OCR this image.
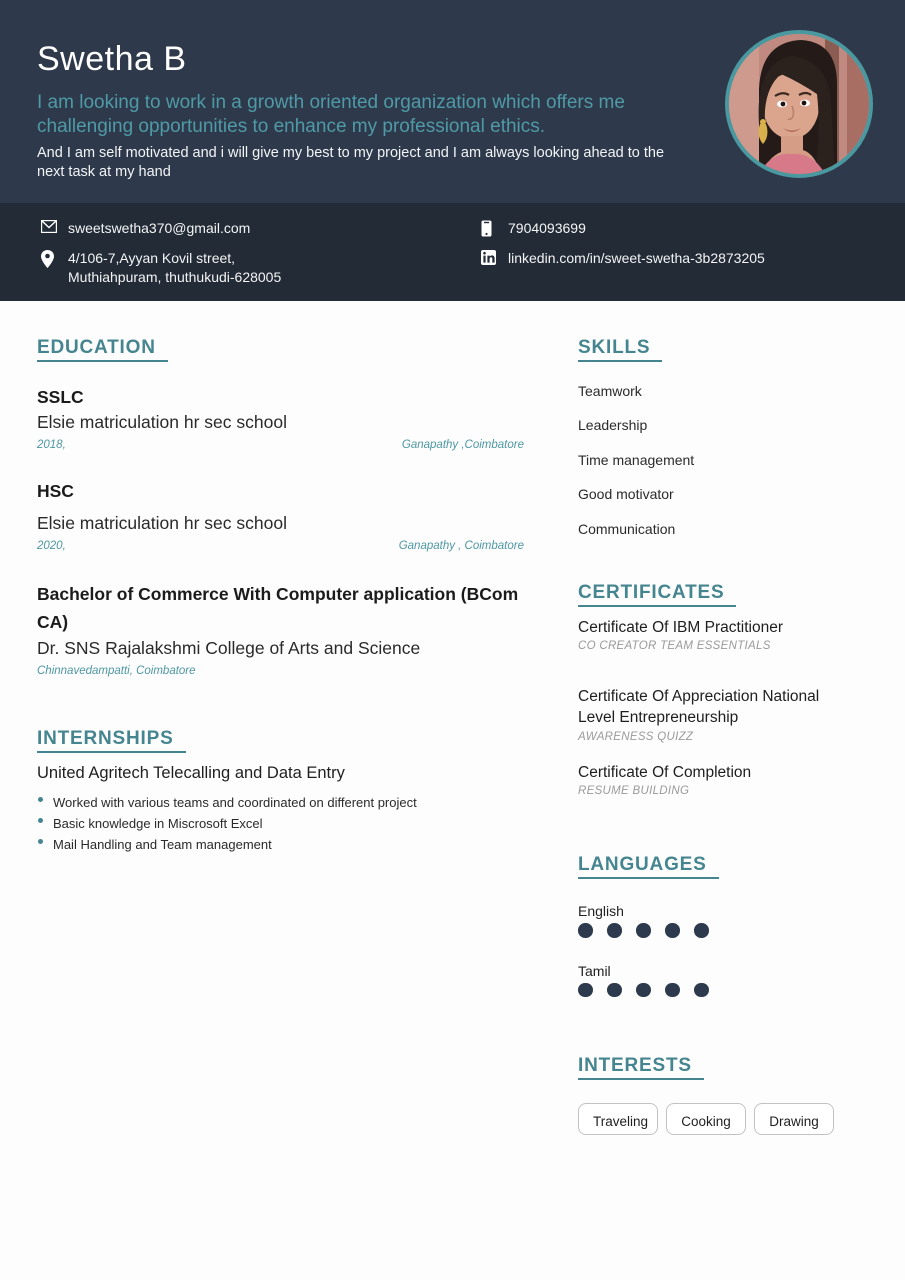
Swetha B
I am looking to work in a growth oriented organization which offers me challenging opportunities to enhance my professional ethics.
And I am self motivated and i will give my best to my project and I am always looking ahead to the next task at my hand
sweetswetha370@gmail.com
4/106-7,Ayyan Kovil street,
Muthiahpuram, thuthukudi-628005
7904093699
linkedin.com/in/sweet-swetha-3b2873205
EDUCATION
SSLC
Elsie matriculation hr sec school
2018,	Ganapathy ,Coimbatore
HSC
Elsie matriculation hr sec school
2020,	Ganapathy , Coimbatore
Bachelor of Commerce With Computer application (BCom CA)
Dr. SNS Rajalakshmi College of Arts and Science
Chinnavedampatti, Coimbatore
INTERNSHIPS
United Agritech Telecalling and Data Entry
Worked with various teams and coordinated on different project
Basic knowledge in Miscrosoft Excel
Mail Handling and Team management
SKILLS
Teamwork
Leadership
Time management
Good motivator
Communication
CERTIFICATES
Certificate Of IBM Practitioner
CO CREATOR TEAM ESSENTIALS
Certificate Of Appreciation National Level Entrepreneurship
AWARENESS QUIZZ
Certificate Of Completion
RESUME BUILDING
LANGUAGES
English
Tamil
INTERESTS
Traveling	Cooking	Drawing
